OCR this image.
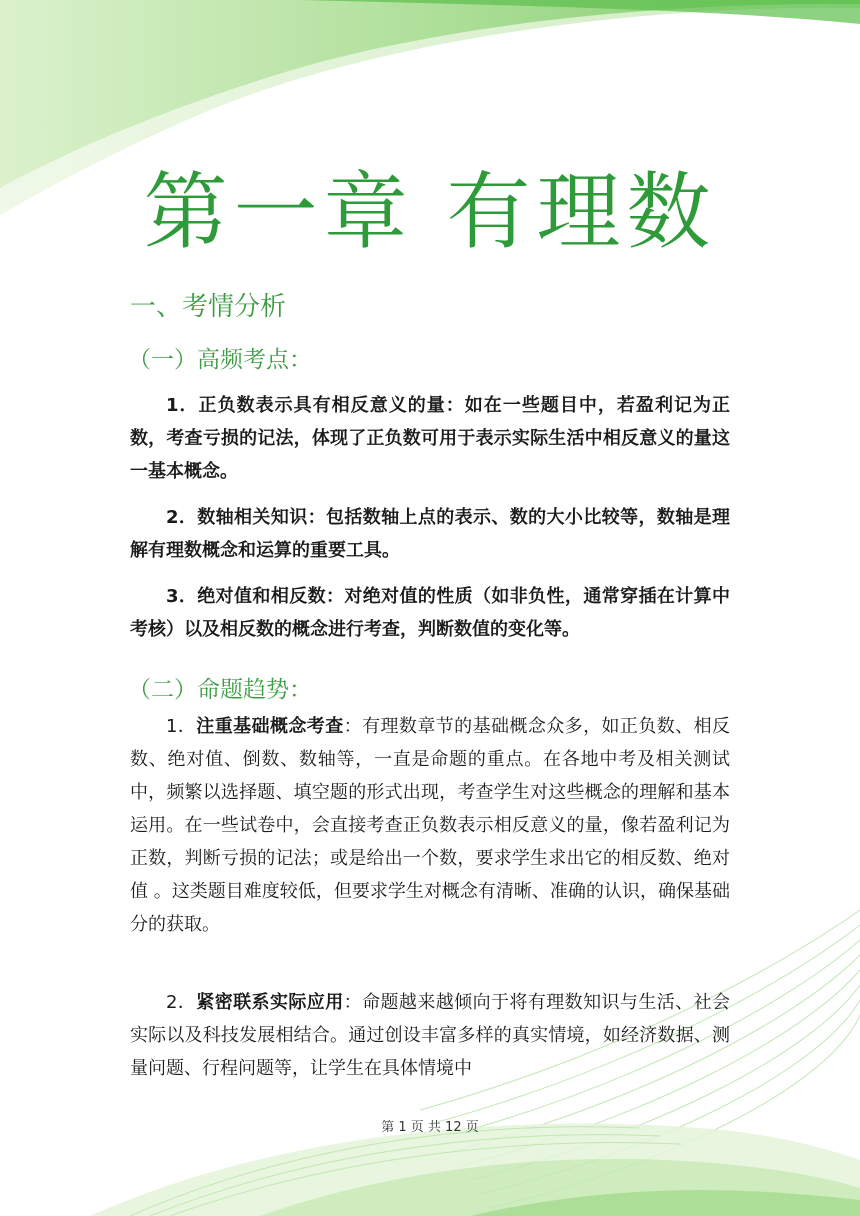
第一章 有理数
一、考情分析
（一）高频考点：

1．正负数表示具有相反意义的量：如在一些题目中，若盈利记为正数，考查亏损的记法，体现了正负数可用于表示实际生活中相反意义的量这一基本概念。

2．数轴相关知识：包括数轴上点的表示、数的大小比较等，数轴是理解有理数概念和运算的重要工具。

3．绝对值和相反数：对绝对值的性质（如非负性，通常穿插在计算中考核）以及相反数的概念进行考查，判断数值的变化等。

（二）命题趋势：

1．注重基础概念考查：有理数章节的基础概念众多，如正负数、相反数、绝对值、倒数、数轴等，一直是命题的重点。在各地中考及相关测试中，频繁以选择题、填空题的形式出现，考查学生对这些概念的理解和基本运用。在一些试卷中，会直接考查正负数表示相反意义的量，像若盈利记为正数，判断亏损的记法；或是给出一个数，要求学生求出它的相反数、绝对值 。这类题目难度较低，但要求学生对概念有清晰、准确的认识，确保基础分的获取。

2．紧密联系实际应用：命题越来越倾向于将有理数知识与生活、社会实际以及科技发展相结合。通过创设丰富多样的真实情境，如经济数据、测量问题、行程问题等，让学生在具体情境中

第 1 页 共 12 页
